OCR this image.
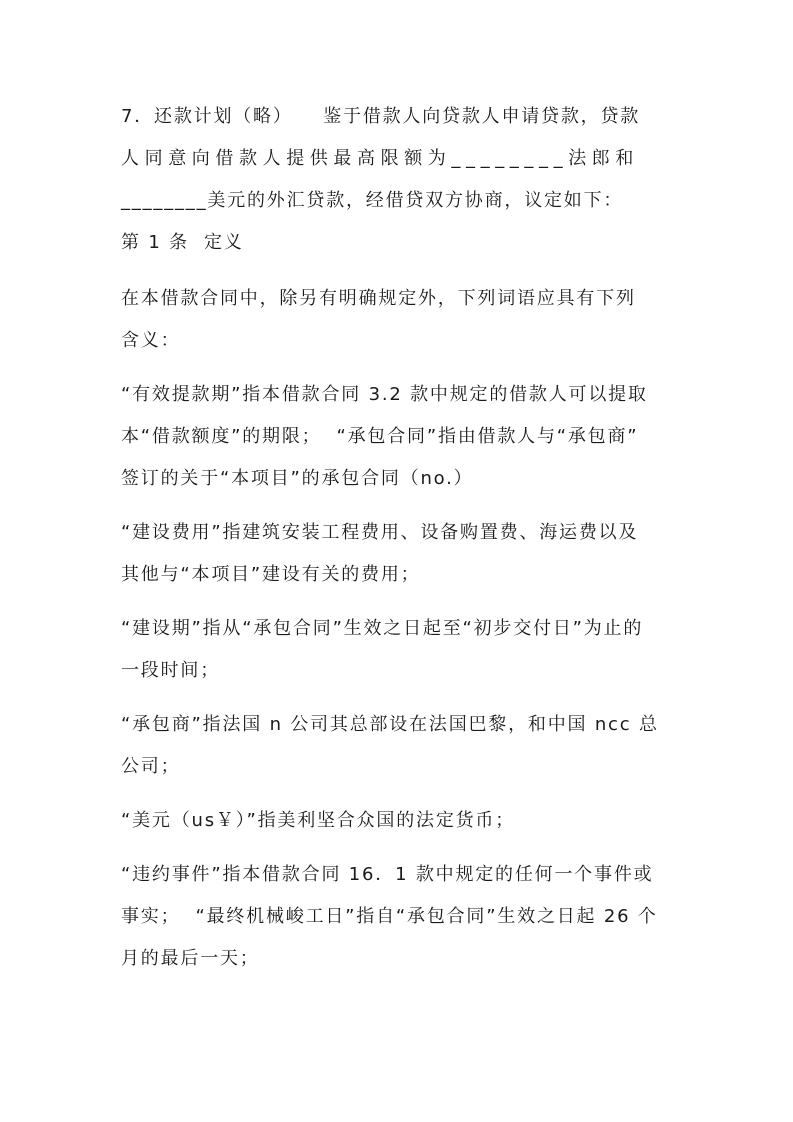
7．还款计划（略）　　鉴于借款人向贷款人申请贷款，贷款
人同意向借款人提供最高限额为________法郎和
________美元的外汇贷款，经借贷双方协商，议定如下：
第 1 条  定义
在本借款合同中，除另有明确规定外，下列词语应具有下列
含义：
“有效提款期”指本借款合同 3.2 款中规定的借款人可以提取
本“借款额度”的期限；  “承包合同”指由借款人与“承包商”
签订的关于“本项目”的承包合同（no.）
“建设费用”指建筑安装工程费用、设备购置费、海运费以及
其他与“本项目”建设有关的费用；
“建设期”指从“承包合同”生效之日起至“初步交付日”为止的
一段时间；
“承包商”指法国 n 公司其总部设在法国巴黎，和中国 ncc 总
公司；
“美元（us￥）”指美利坚合众国的法定货币；
“违约事件”指本借款合同 16．1 款中规定的任何一个事件或
事实；  “最终机械峻工日”指自“承包合同”生效之日起 26 个
月的最后一天；
